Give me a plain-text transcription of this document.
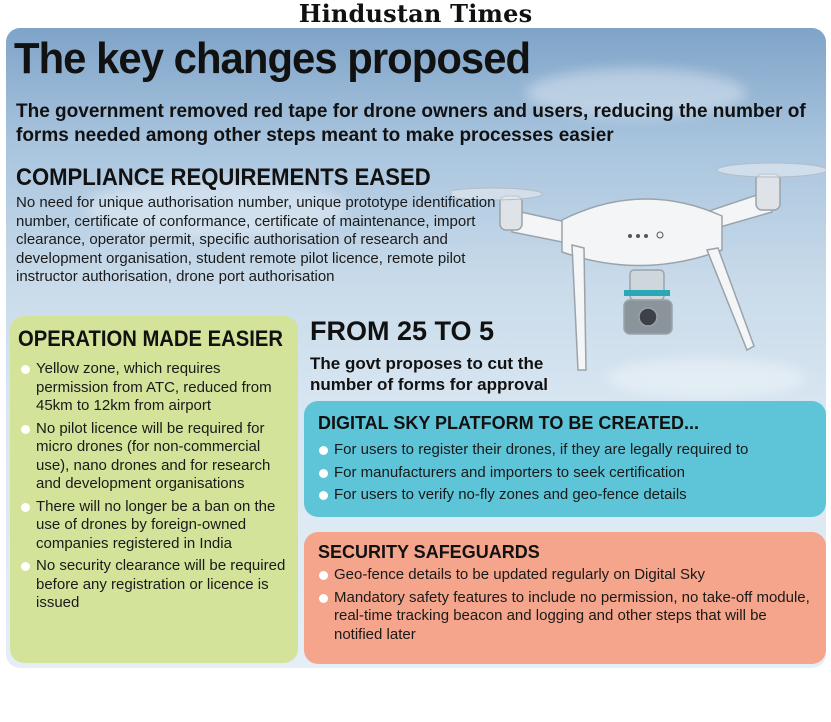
Hindustan Times
The key changes proposed

The government removed red tape for drone owners and users, reducing the number of forms needed among other steps meant to make processes easier

COMPLIANCE REQUIREMENTS EASED

No need for unique authorisation number, unique prototype identification number, certificate of conformance, certificate of maintenance, import clearance, operator permit, specific authorisation of research and development organisation, student remote pilot licence, remote pilot instructor authorisation, drone port authorisation

OPERATION MADE EASIER
Yellow zone, which requires permission from ATC, reduced from 45km to 12km from airport
No pilot licence will be required for micro drones (for non-commercial use), nano drones and for research and development organisations
There will no longer be a ban on the use of drones by foreign-owned companies registered in India
No security clearance will be required before any registration or licence is issued
FROM 25 TO 5

The govt proposes to cut the number of forms for approval

DIGITAL SKY PLATFORM TO BE CREATED...
For users to register their drones, if they are legally required to
For manufacturers and importers to seek certification
For users to verify no-fly zones and geo-fence details
SECURITY SAFEGUARDS
Geo-fence details to be updated regularly on Digital Sky
Mandatory safety features to include no permission, no take-off module, real-time tracking beacon and logging and other steps that will be notified later
